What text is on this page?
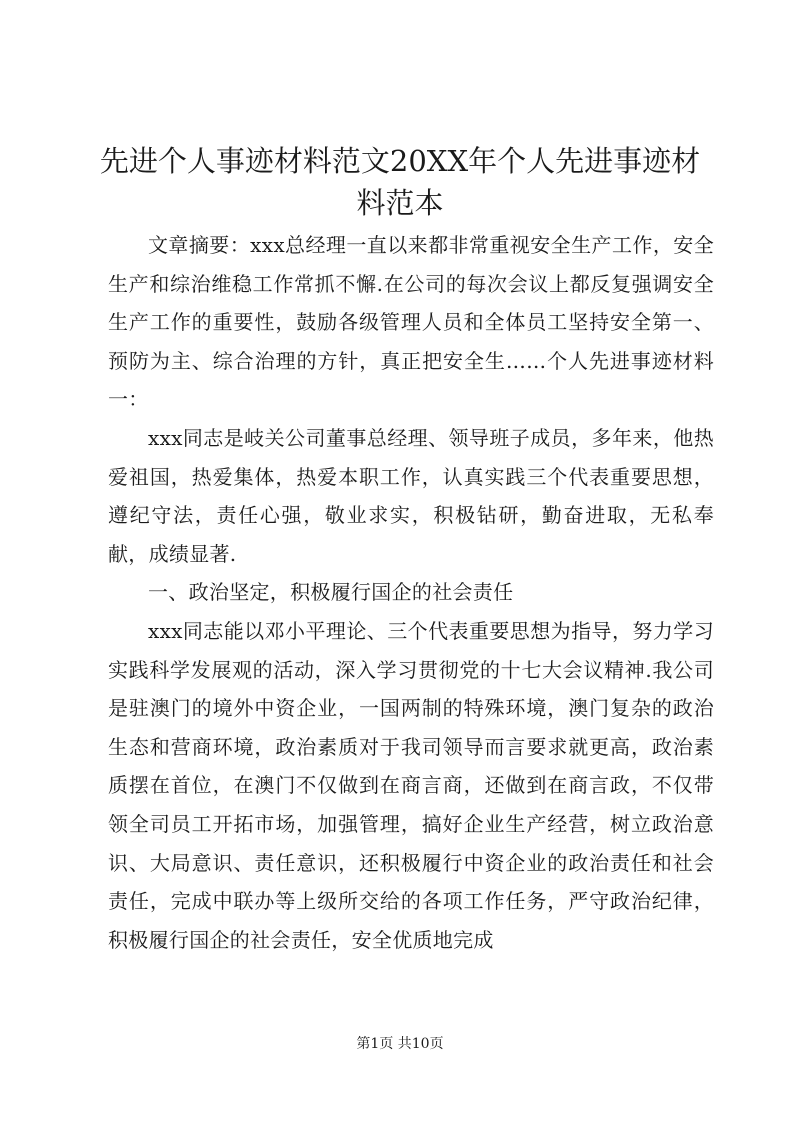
先进个人事迹材料范文20XX年个人先进事迹材料范本

文章摘要：xxx总经理一直以来都非常重视安全生产工作，安全生产和综治维稳工作常抓不懈.在公司的每次会议上都反复强调安全生产工作的重要性，鼓励各级管理人员和全体员工坚持安全第一、预防为主、综合治理的方针，真正把安全生……个人先进事迹材料一：

xxx同志是岐关公司董事总经理、领导班子成员，多年来，他热爱祖国，热爱集体，热爱本职工作，认真实践三个代表重要思想，遵纪守法，责任心强，敬业求实，积极钻研，勤奋进取，无私奉献，成绩显著.

一、政治坚定，积极履行国企的社会责任

xxx同志能以邓小平理论、三个代表重要思想为指导，努力学习实践科学发展观的活动，深入学习贯彻党的十七大会议精神.我公司是驻澳门的境外中资企业，一国两制的特殊环境，澳门复杂的政治生态和营商环境，政治素质对于我司领导而言要求就更高，政治素质摆在首位，在澳门不仅做到在商言商，还做到在商言政，不仅带领全司员工开拓市场，加强管理，搞好企业生产经营，树立政治意识、大局意识、责任意识，还积极履行中资企业的政治责任和社会责任，完成中联办等上级所交给的各项工作任务，严守政治纪律，积极履行国企的社会责任，安全优质地完成

第1页 共10页
